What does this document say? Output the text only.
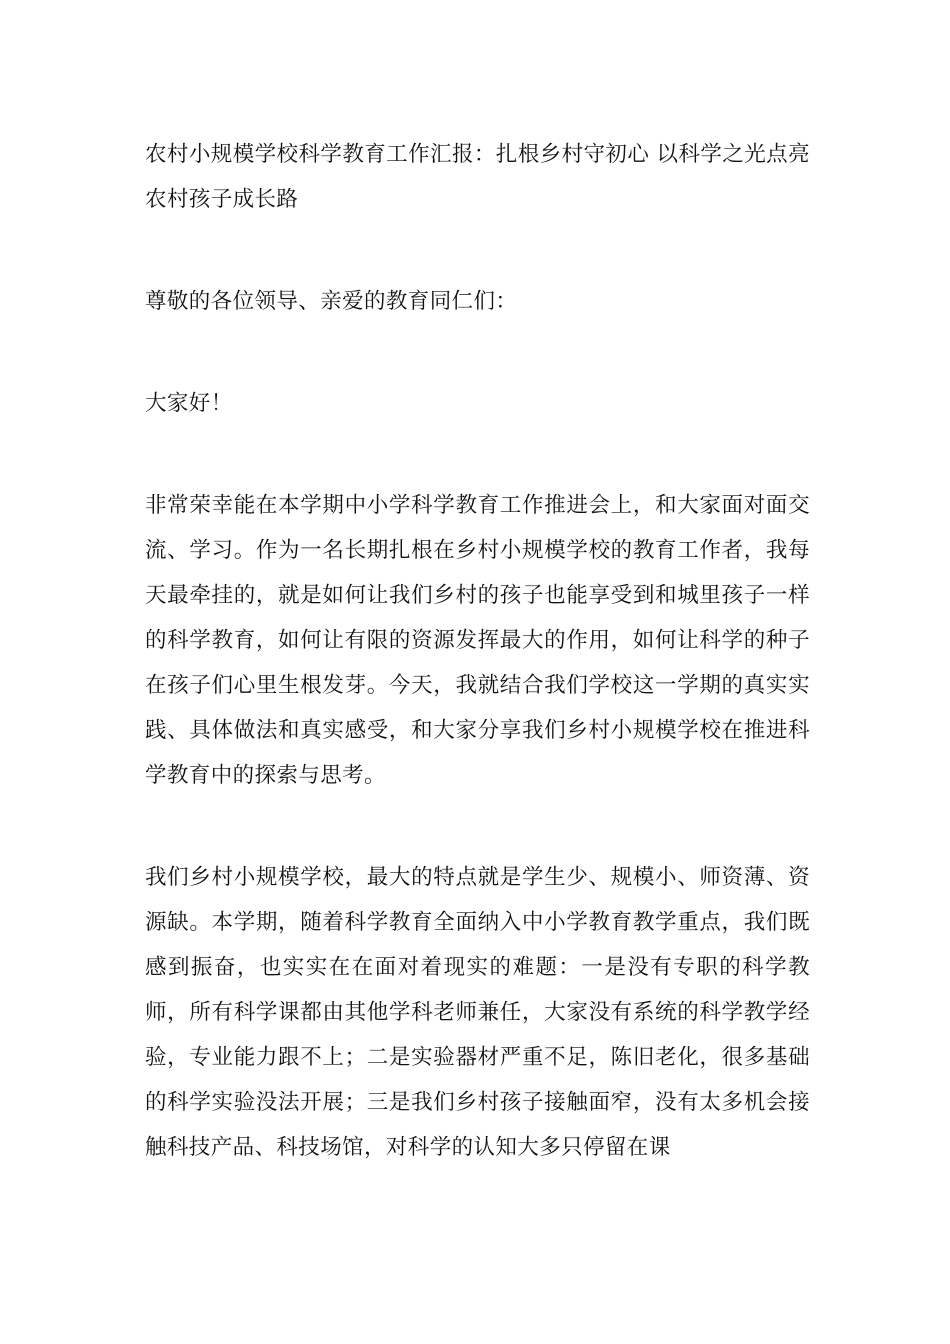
农村小规模学校科学教育工作汇报：扎根乡村守初心 以科学之光点亮农村孩子成长路

尊敬的各位领导、亲爱的教育同仁们：

大家好！

非常荣幸能在本学期中小学科学教育工作推进会上，和大家面对面交流、学习。作为一名长期扎根在乡村小规模学校的教育工作者，我每天最牵挂的，就是如何让我们乡村的孩子也能享受到和城里孩子一样的科学教育，如何让有限的资源发挥最大的作用，如何让科学的种子在孩子们心里生根发芽。今天，我就结合我们学校这一学期的真实实践、具体做法和真实感受，和大家分享我们乡村小规模学校在推进科学教育中的探索与思考。

我们乡村小规模学校，最大的特点就是学生少、规模小、师资薄、资源缺。本学期，随着科学教育全面纳入中小学教育教学重点，我们既感到振奋，也实实在在面对着现实的难题：一是没有专职的科学教师，所有科学课都由其他学科老师兼任，大家没有系统的科学教学经验，专业能力跟不上；二是实验器材严重不足，陈旧老化，很多基础的科学实验没法开展；三是我们乡村孩子接触面窄，没有太多机会接触科技产品、科技场馆，对科学的认知大多只停留在课
